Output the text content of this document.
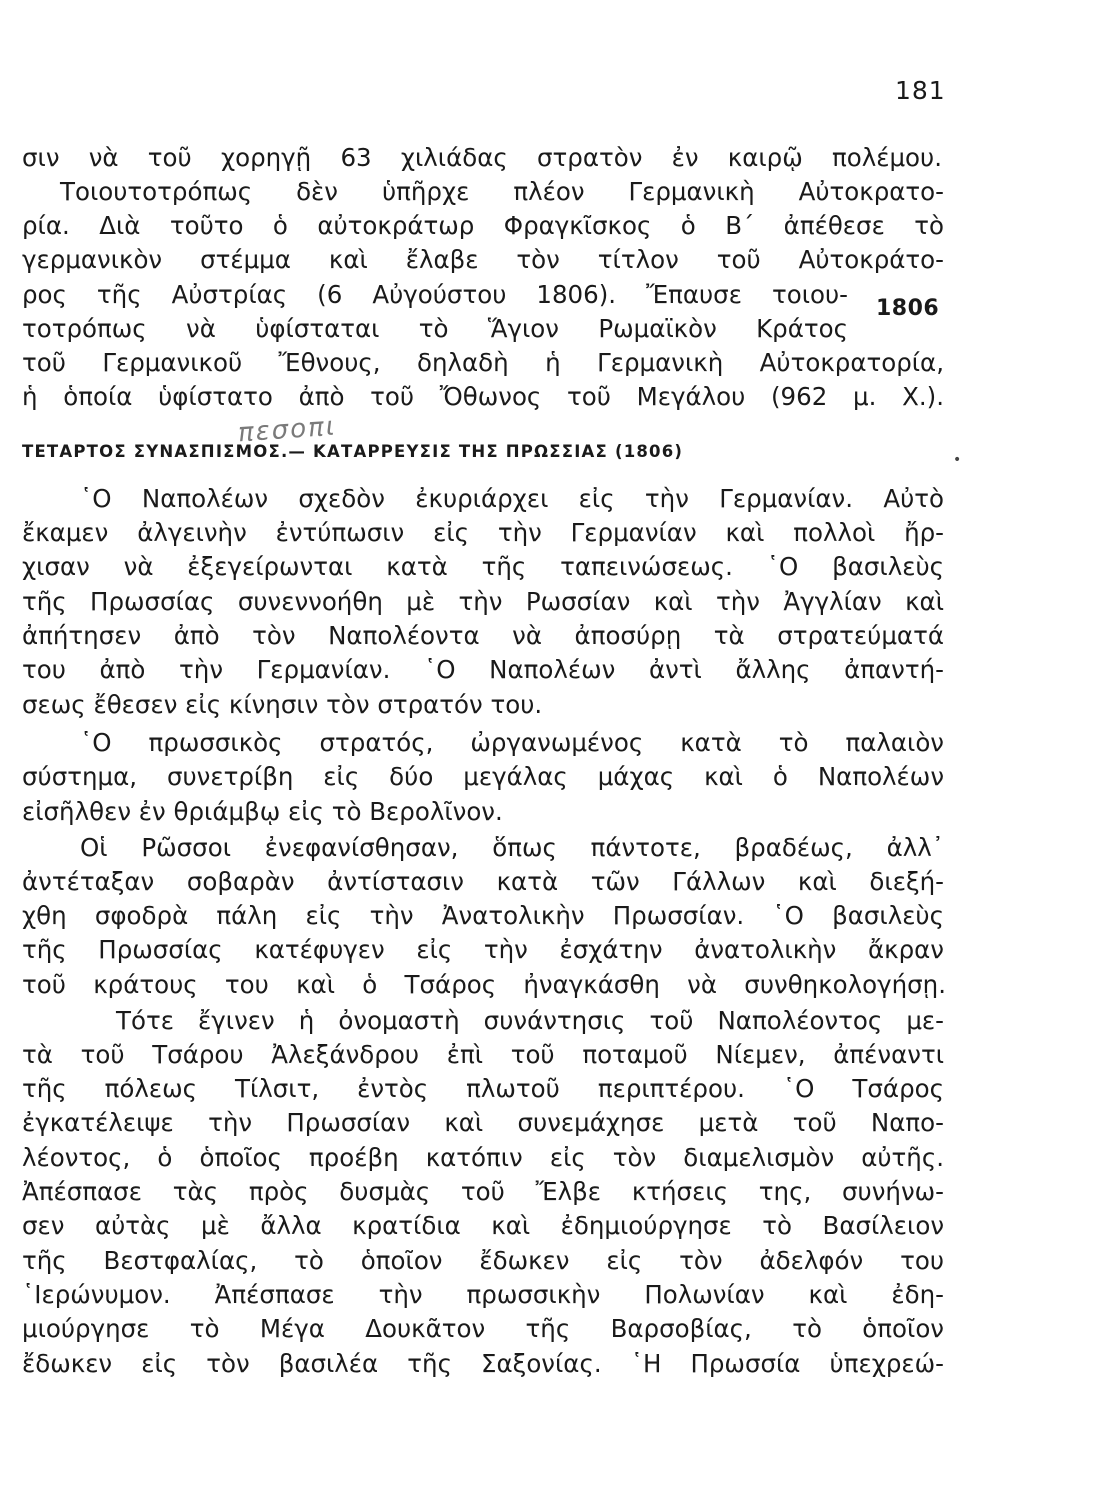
181
1806
σιν νὰ τοῦ χορηγῇ 63 χιλιάδας στρατὸν ἐν καιρῷ πολέμου.
Τοιουτοτρόπως δὲν ὑπῆρχε πλέον Γερμανικὴ Αὐτοκρατο-
ρία. Διὰ τοῦτο ὁ αὐτοκράτωρ Φραγκῖσκος ὁ Β΄ ἀπέθεσε τὸ
γερμανικὸν στέμμα καὶ ἔλαβε τὸν τίτλον τοῦ Αὐτοκράτο-
ρος τῆς Αὐστρίας (6 Αὐγούστου 1806). Ἔπαυσε τοιου-
τοτρόπως νὰ ὑφίσταται τὸ Ἅγιον Ρωμαϊκὸν Κράτος
τοῦ Γερμανικοῦ Ἔθνους, δηλαδὴ ἡ Γερμανικὴ Αὐτοκρατορία,
ἡ ὁποία ὑφίστατο ἀπὸ τοῦ Ὄθωνος τοῦ Μεγάλου (962 μ. Χ.).
πεσοπι
ΤΕΤΑΡΤΟΣ ΣΥΝΑΣΠΙΣΜΟΣ.— ΚΑΤΑΡΡΕΥΣΙΣ ΤΗΣ ΠΡΩΣΣΙΑΣ (1806)	•
῾Ο Ναπολέων σχεδὸν ἐκυριάρχει εἰς τὴν Γερμανίαν. Αὐτὸ
ἔκαμεν ἀλγεινὴν ἐντύπωσιν εἰς τὴν Γερμανίαν καὶ πολλοὶ ἤρ-
χισαν νὰ ἐξεγείρωνται κατὰ τῆς ταπεινώσεως. ῾Ο βασιλεὺς
τῆς Πρωσσίας συνεννοήθη μὲ τὴν Ρωσσίαν καὶ τὴν Ἀγγλίαν καὶ
ἀπήτησεν ἀπὸ τὸν Ναπολέοντα νὰ ἀποσύρῃ τὰ στρατεύματά
του ἀπὸ τὴν Γερμανίαν. ῾Ο Ναπολέων ἀντὶ ἄλλης ἀπαντή-
σεως ἔθεσεν εἰς κίνησιν τὸν στρατόν του.
῾Ο πρωσσικὸς στρατός, ὠργανωμένος κατὰ τὸ παλαιὸν
σύστημα, συνετρίβη εἰς δύο μεγάλας μάχας καὶ ὁ Ναπολέων
εἰσῆλθεν ἐν θριάμβῳ εἰς τὸ Βερολῖνον.
Οἱ Ρῶσσοι ἐνεφανίσθησαν, ὅπως πάντοτε, βραδέως, ἀλλ᾽
ἀντέταξαν σοβαρὰν ἀντίστασιν κατὰ τῶν Γάλλων καὶ διεξή-
χθη σφοδρὰ πάλη εἰς τὴν Ἀνατολικὴν Πρωσσίαν. ῾Ο βασιλεὺς
τῆς Πρωσσίας κατέφυγεν εἰς τὴν ἐσχάτην ἀνατολικὴν ἄκραν
τοῦ κράτους του καὶ ὁ Τσάρος ἠναγκάσθη νὰ συνθηκολογήσῃ.
Τότε ἔγινεν ἡ ὀνομαστὴ συνάντησις τοῦ Ναπολέοντος με-
τὰ τοῦ Τσάρου Ἀλεξάνδρου ἐπὶ τοῦ ποταμοῦ Νίεμεν, ἀπέναντι
τῆς πόλεως Τίλσιτ, ἐντὸς πλωτοῦ περιπτέρου. ῾Ο Τσάρος
ἐγκατέλειψε τὴν Πρωσσίαν καὶ συνεμάχησε μετὰ τοῦ Ναπο-
λέοντος, ὁ ὁποῖος προέβη κατόπιν εἰς τὸν διαμελισμὸν αὐτῆς.
Ἀπέσπασε τὰς πρὸς δυσμὰς τοῦ Ἔλβε κτήσεις της, συνήνω-
σεν αὐτὰς μὲ ἄλλα κρατίδια καὶ ἐδημιούργησε τὸ Βασίλειον
τῆς Βεστφαλίας, τὸ ὁποῖον ἔδωκεν εἰς τὸν ἀδελφόν του
῾Ιερώνυμον. Ἀπέσπασε τὴν πρωσσικὴν Πολωνίαν καὶ ἐδη-
μιούργησε τὸ Μέγα Δουκᾶτον τῆς Βαρσοβίας, τὸ ὁποῖον
ἔδωκεν εἰς τὸν βασιλέα τῆς Σαξονίας. ῾Η Πρωσσία ὑπεχρεώ-
